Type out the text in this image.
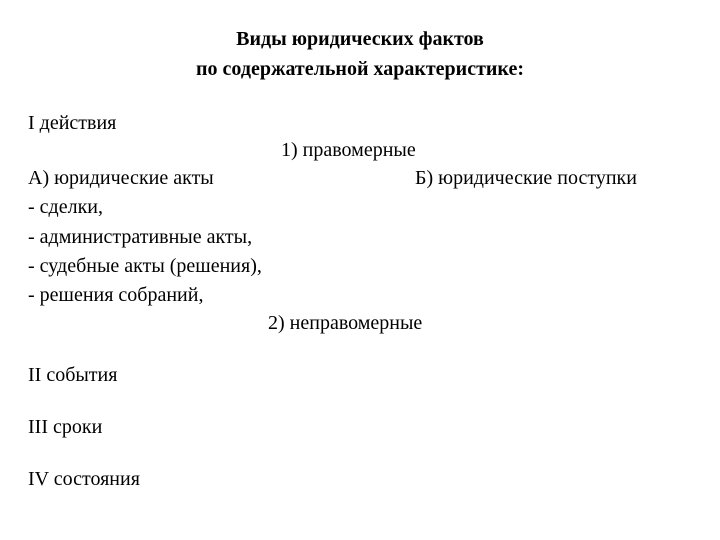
Виды юридических фактов
по содержательной характеристике:
I действия
1) правомерные
А) юридические акты	Б) юридические поступки
- сделки,
- административные акты,
- судебные акты (решения),
- решения собраний,
2) неправомерные
II события
III сроки
IV состояния
